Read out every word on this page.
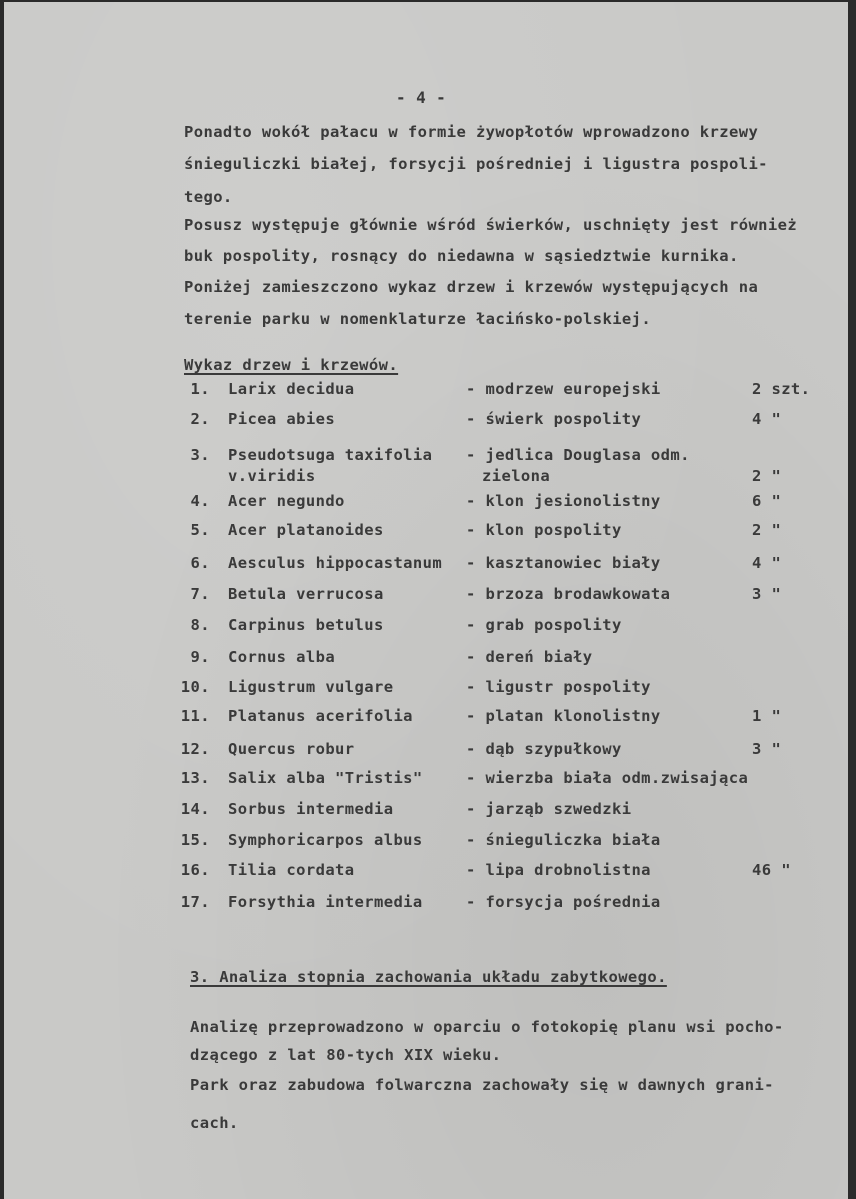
- 4 -
Ponadto wokół pałacu w formie żywopłotów wprowadzono krzewy
śnieguliczki białej, forsycji pośredniej i ligustra pospoli-
tego.
Posusz występuje głównie wśród świerków, uschnięty jest również
buk pospolity, rosnący do niedawna w sąsiedztwie kurnika.
Poniżej zamieszczono wykaz drzew i krzewów występujących na
terenie parku w nomenklaturze łacińsko-polskiej.
Wykaz drzew i krzewów.
1. Larix decidua	- modrzew europejski	2 szt.
2. Picea abies	- świerk pospolity	4 "
3. Pseudotsuga taxifolia
v.viridis
- jedlica Douglasa odm.
zielona	2 "
4. Acer negundo	- klon jesionolistny	6 "
5. Acer platanoides	- klon pospolity	2 "
6. Aesculus hippocastanum - kasztanowiec biały	4 "
7. Betula verrucosa	- brzoza brodawkowata	3 "
8. Carpinus betulus	- grab pospolity
9. Cornus alba	- dereń biały
10. Ligustrum vulgare	- ligustr pospolity
11. Platanus acerifolia	- platan klonolistny	1 "
12. Quercus robur	- dąb szypułkowy	3 "
13. Salix alba "Tristis"	- wierzba biała odm.zwisająca
14. Sorbus intermedia	- jarząb szwedzki
15. Symphoricarpos albus	- śnieguliczka biała
16. Tilia cordata	- lipa drobnolistna	46 "
17. Forsythia intermedia	- forsycja pośrednia
3. Analiza stopnia zachowania układu zabytkowego.
Analizę przeprowadzono w oparciu o fotokopię planu wsi pocho-
dzącego z lat 80-tych XIX wieku.
Park oraz zabudowa folwarczna zachowały się w dawnych grani-
cach.
